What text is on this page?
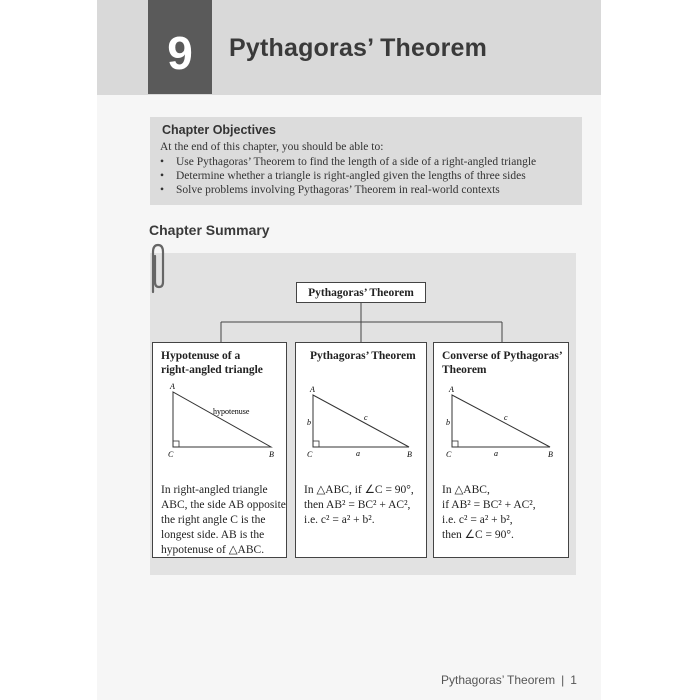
9	Pythagoras’ Theorem
Chapter Objectives
At the end of this chapter, you should be able to:
• Use Pythagoras’ Theorem to find the length of a side of a right-angled triangle
• Determine whether a triangle is right-angled given the lengths of three sides
• Solve problems involving Pythagoras’ Theorem in real-world contexts
Chapter Summary
Pythagoras’ Theorem
Hypotenuse of a
right-angled triangle
A
C	B
hypotenuse
In right-angled triangle
ABC, the side AB opposite
the right angle C is the
longest side. AB is the
hypotenuse of △ABC.
Pythagoras’ Theorem
A
C	B
b
a
c
In △ABC, if ∠C = 90°,
then AB² = BC² + AC²,
i.e. c² = a² + b².
Converse of Pythagoras’
Theorem
A
C	B
b
a
c
In △ABC,
if AB² = BC² + AC²,
i.e. c² = a² + b²,
then ∠C = 90°.
Pythagoras’ Theorem | 1
